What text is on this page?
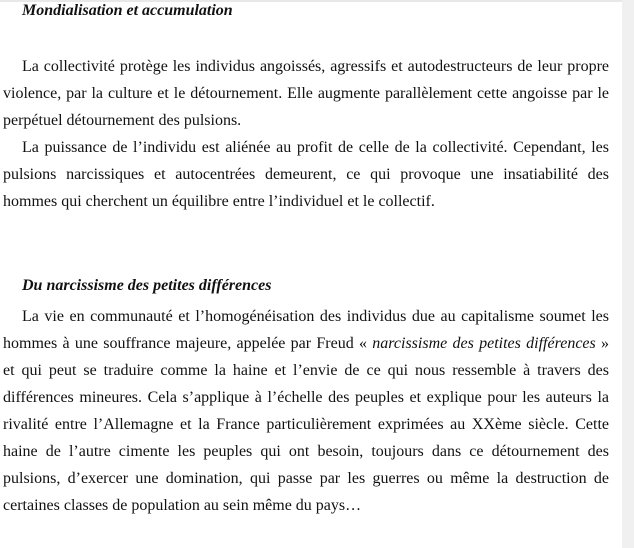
Mondialisation et accumulation
La collectivité protège les individus angoissés, agressifs et autodestructeurs de leur propre
violence, par la culture et le détournement. Elle augmente parallèlement cette angoisse par le
perpétuel détournement des pulsions.
La puissance de l’individu est aliénée au profit de celle de la collectivité. Cependant, les
pulsions narcissiques et autocentrées demeurent, ce qui provoque une insatiabilité des
hommes qui cherchent un équilibre entre l’individuel et le collectif.
Du narcissisme des petites différences
La vie en communauté et l’homogénéisation des individus due au capitalisme soumet les
hommes à une souffrance majeure, appelée par Freud « narcissisme des petites différences »
et qui peut se traduire comme la haine et l’envie de ce qui nous ressemble à travers des
différences mineures. Cela s’applique à l’échelle des peuples et explique pour les auteurs la
rivalité entre l’Allemagne et la France particulièrement exprimées au XXème siècle. Cette
haine de l’autre cimente les peuples qui ont besoin, toujours dans ce détournement des
pulsions, d’exercer une domination, qui passe par les guerres ou même la destruction de
certaines classes de population au sein même du pays…
